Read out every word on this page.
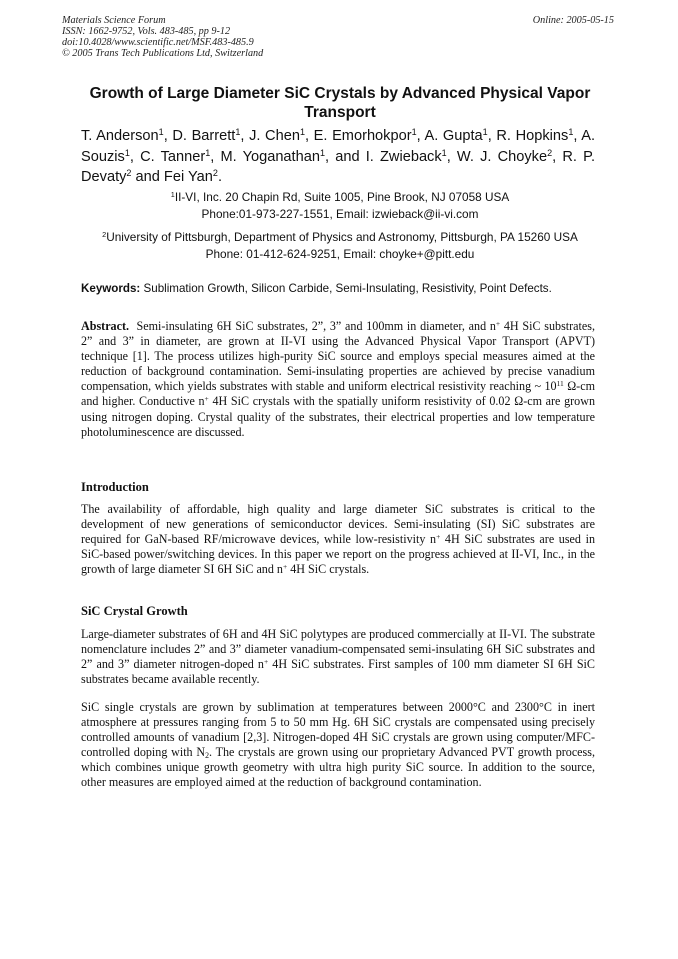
Materials Science Forum
ISSN: 1662-9752, Vols. 483-485, pp 9-12
doi:10.4028/www.scientific.net/MSF.483-485.9
© 2005 Trans Tech Publications Ltd, Switzerland
Online: 2005-05-15
Growth of Large Diameter SiC Crystals by Advanced Physical Vapor Transport
T. Anderson$^1$, D. Barrett$^1$, J. Chen$^1$, E. Emorhokpor$^1$, A. Gupta$^1$, R. Hopkins$^1$, A. Souzis$^1$, C. Tanner$^1$, M. Yoganathan$^1$, and I. Zwieback$^1$, W. J. Choyke$^2$, R. P. Devaty$^2$ and Fei Yan$^2$.
$^1$II-VI, Inc. 20 Chapin Rd, Suite 1005, Pine Brook, NJ 07058 USA
Phone:01-973-227-1551, Email: izwieback@ii-vi.com
$^2$University of Pittsburgh, Department of Physics and Astronomy, Pittsburgh, PA 15260 USA
Phone: 01-412-624-9251, Email: choyke+@pitt.edu
Keywords: Sublimation Growth, Silicon Carbide, Semi-Insulating, Resistivity, Point Defects.
Abstract. Semi-insulating 6H SiC substrates, 2”, 3” and 100mm in diameter, and n+ 4H SiC substrates, 2” and 3” in diameter, are grown at II-VI using the Advanced Physical Vapor Transport (APVT) technique [1]. The process utilizes high-purity SiC source and employs special measures aimed at the reduction of background contamination. Semi-insulating properties are achieved by precise vanadium compensation, which yields substrates with stable and uniform electrical resistivity reaching ~ $10^{11}$ Ω-cm and higher. Conductive n+ 4H SiC crystals with the spatially uniform resistivity of 0.02 Ω-cm are grown using nitrogen doping. Crystal quality of the substrates, their electrical properties and low temperature photoluminescence are discussed.
Introduction
The availability of affordable, high quality and large diameter SiC substrates is critical to the development of new generations of semiconductor devices. Semi-insulating (SI) SiC substrates are required for GaN-based RF/microwave devices, while low-resistivity n+ 4H SiC substrates are used in SiC-based power/switching devices. In this paper we report on the progress achieved at II-VI, Inc., in the growth of large diameter SI 6H SiC and n+ 4H SiC crystals.
SiC Crystal Growth
Large-diameter substrates of 6H and 4H SiC polytypes are produced commercially at II-VI. The substrate nomenclature includes 2” and 3” diameter vanadium-compensated semi-insulating 6H SiC substrates and 2” and 3” diameter nitrogen-doped n+ 4H SiC substrates. First samples of 100 mm diameter SI 6H SiC substrates became available recently.
SiC single crystals are grown by sublimation at temperatures between 2000°C and 2300°C in inert atmosphere at pressures ranging from 5 to 50 mm Hg. 6H SiC crystals are compensated using precisely controlled amounts of vanadium [2,3]. Nitrogen-doped 4H SiC crystals are grown using computer/MFC-controlled doping with $N_2$. The crystals are grown using our proprietary Advanced PVT growth process, which combines unique growth geometry with ultra high purity SiC source. In addition to the source, other measures are employed aimed at the reduction of background contamination.
